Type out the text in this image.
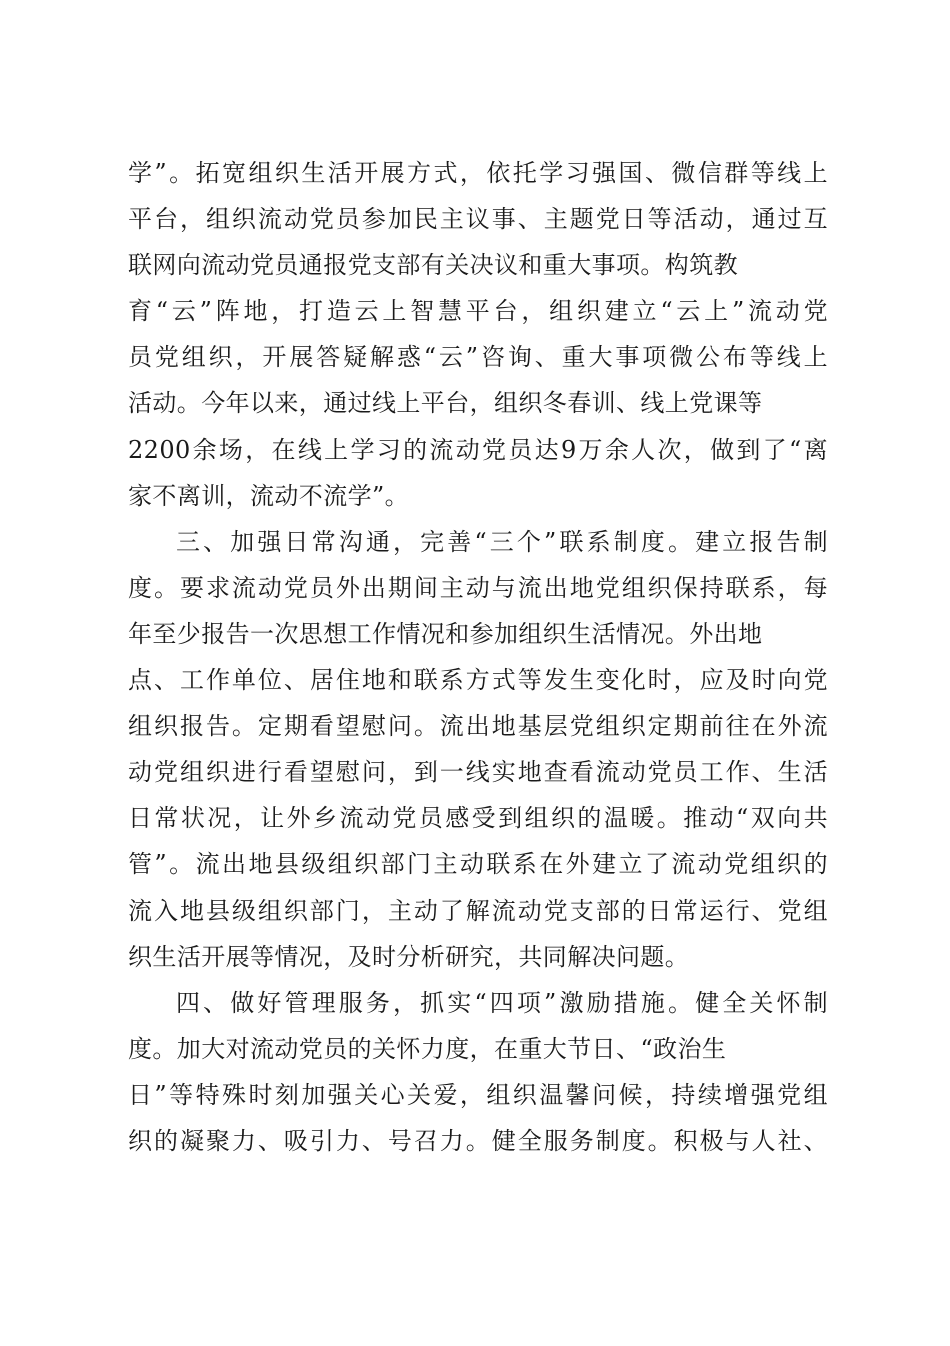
学”。拓宽组织生活开展方式，依托学习强国、微信群等线上
平台，组织流动党员参加民主议事、主题党日等活动，通过互
联网向流动党员通报党支部有关决议和重大事项。构筑教
育“云”阵地，打造云上智慧平台，组织建立“云上”流动党
员党组织，开展答疑解惑“云”咨询、重大事项微公布等线上
活动。今年以来，通过线上平台，组织冬春训、线上党课等
2200余场，在线上学习的流动党员达9万余人次，做到了“离
家不离训，流动不流学”。
三、加强日常沟通，完善“三个”联系制度。建立报告制
度。要求流动党员外出期间主动与流出地党组织保持联系，每
年至少报告一次思想工作情况和参加组织生活情况。外出地
点、工作单位、居住地和联系方式等发生变化时，应及时向党
组织报告。定期看望慰问。流出地基层党组织定期前往在外流
动党组织进行看望慰问，到一线实地查看流动党员工作、生活
日常状况，让外乡流动党员感受到组织的温暖。推动“双向共
管”。流出地县级组织部门主动联系在外建立了流动党组织的
流入地县级组织部门，主动了解流动党支部的日常运行、党组
织生活开展等情况，及时分析研究，共同解决问题。
四、做好管理服务，抓实“四项”激励措施。健全关怀制
度。加大对流动党员的关怀力度，在重大节日、“政治生
日”等特殊时刻加强关心关爱，组织温馨问候，持续增强党组
织的凝聚力、吸引力、号召力。健全服务制度。积极与人社、
